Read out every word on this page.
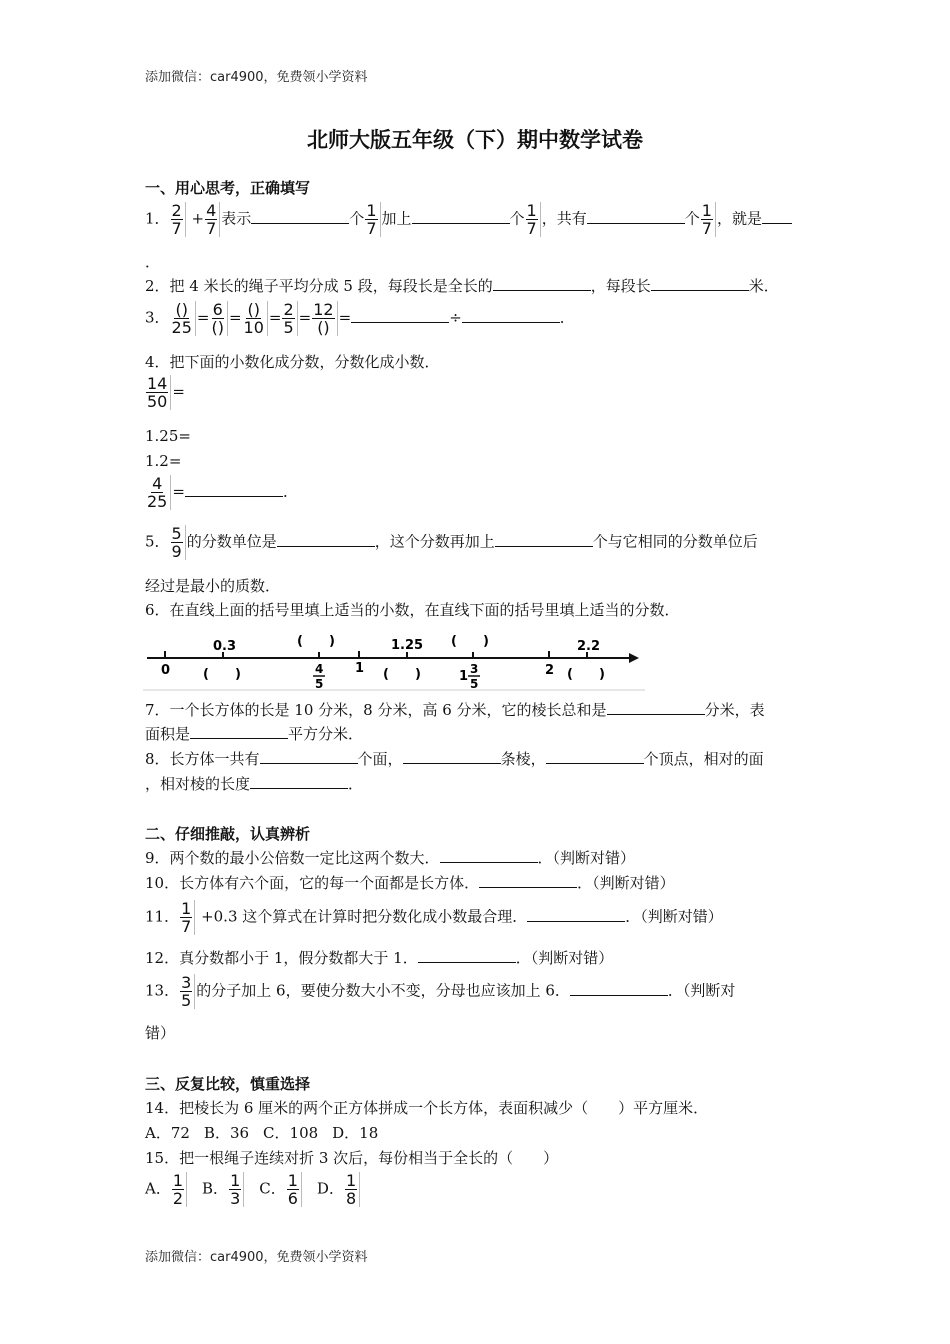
添加微信：car4900，免费领小学资料
北师大版五年级（下）期中数学试卷
一、用心思考，正确填写
1． $\frac{2}{7} + \frac{4}{7}$ 表示	个 $\frac{1}{7}$ 加上	个 $\frac{1}{7}$ ，共有	个 $\frac{1}{7}$ ，就是
．
2．把 4 米长的绳子平均分成 5 段，每段长是全长的	，每段长	米．
3． $\frac{()}{25} = \frac{6}{()} = \frac{()}{10} = \frac{2}{5} = \frac{12}{()}$ =	÷	．
4．把下面的小数化成分数，分数化成小数．
$\frac{14}{50}$ =
1.25=
1.2=
$\frac{4}{25}$ =	．
5． $\frac{5}{9}$ 的分数单位是	，这个分数再加上	个与它相同的分数单位后
经过是最小的质数．
6．在直线上面的括号里填上适当的小数，在直线下面的括号里填上适当的分数．
0.3	(　　)	1.25 (　　)	2.2
0	1	2
(　　)	(　　)	(　　)
4
5	1 3
5
7．一个长方体的长是 10 分米，8 分米，高 6 分米，它的棱长总和是	分米，表
面积是	平方分米．
8．长方体一共有	个面，	条棱，	个顶点，相对的面
，相对棱的长度	．
二、仔细推敲，认真辨析
9．两个数的最小公倍数一定比这两个数大．	．（判断对错）
10．长方体有六个面，它的每一个面都是长方体．	．（判断对错）
11． $\frac{1}{7} +0.3$ 这个算式在计算时把分数化成小数最合理．	．（判断对错）
12．真分数都小于 1，假分数都大于 1．	．（判断对错）
13． $\frac{3}{5}$ 的分子加上 6，要使分数大小不变，分母也应该加上 6．	．（判断对
错）
三、反复比较，慎重选择
14．把棱长为 6 厘米的两个正方体拼成一个长方体，表面积减少（　　）平方厘米．
A．72 B．36 C．108 D．18
15．把一根绳子连续对折 3 次后，每份相当于全长的（　　）
A． $\frac{1}{2}$ B． $\frac{1}{3}$ C． $\frac{1}{6}$ D． $\frac{1}{8}$
添加微信：car4900，免费领小学资料
